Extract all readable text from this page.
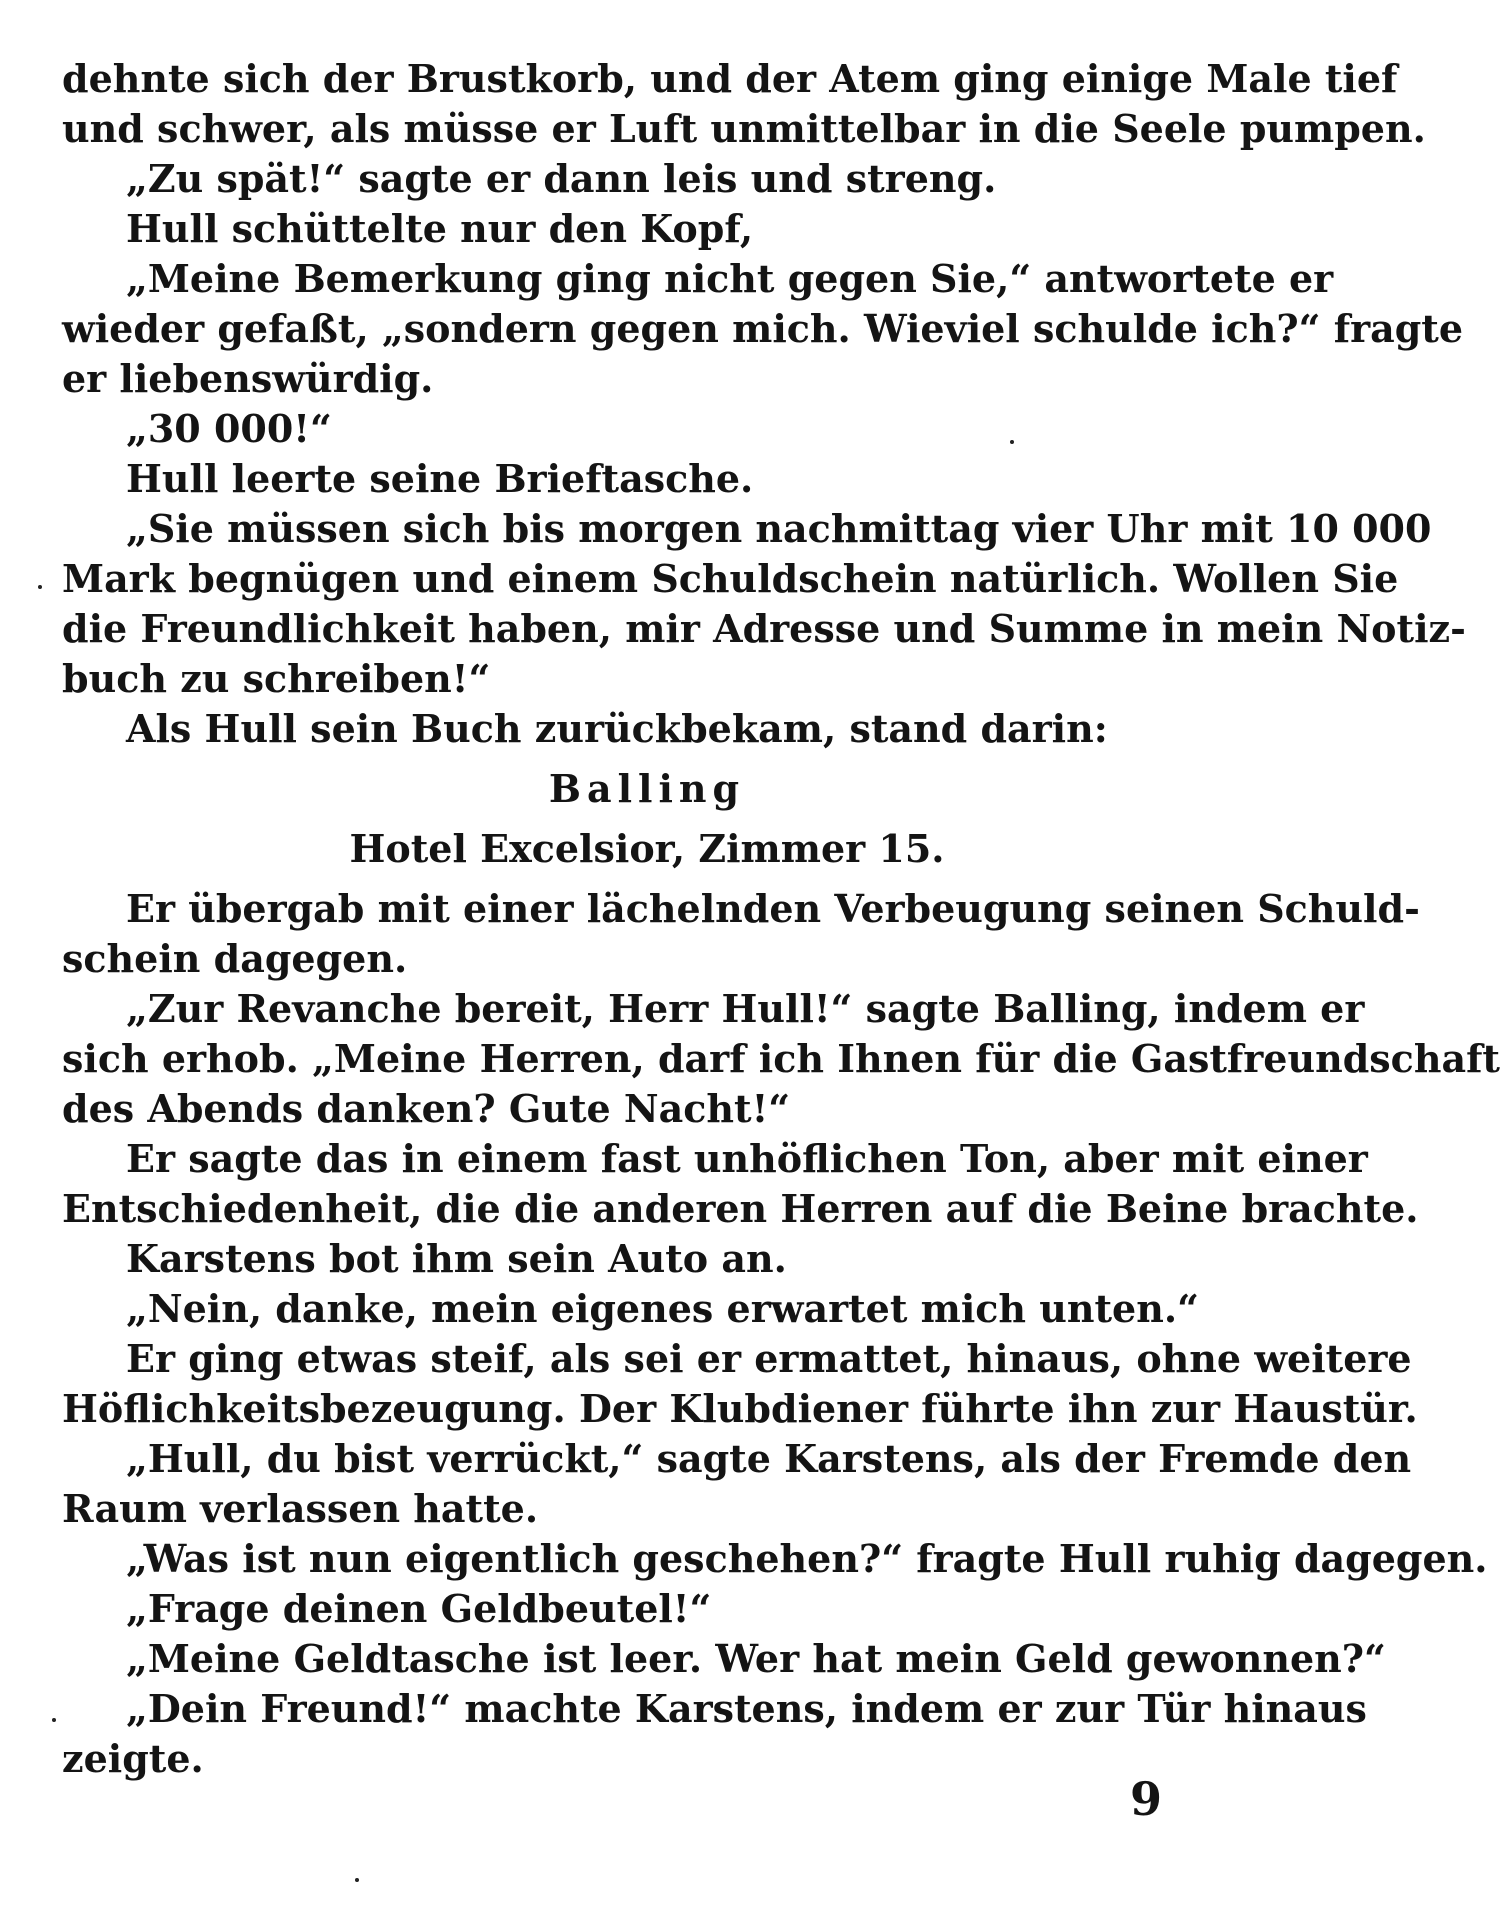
dehnte sich der Brustkorb, und der Atem ging einige Male tief
und schwer, als müsse er Luft unmittelbar in die Seele pumpen.
„Zu spät!“ sagte er dann leis und streng.
Hull schüttelte nur den Kopf,
„Meine Bemerkung ging nicht gegen Sie,“ antwortete er
wieder gefaßt, „sondern gegen mich. Wieviel schulde ich?“ fragte
er liebenswürdig.
„30 000!“
Hull leerte seine Brieftasche.
„Sie müssen sich bis morgen nachmittag vier Uhr mit 10 000
Mark begnügen und einem Schuldschein natürlich. Wollen Sie
die Freundlichkeit haben, mir Adresse und Summe in mein Notiz-
buch zu schreiben!“
Als Hull sein Buch zurückbekam, stand darin:
Balling
Hotel Excelsior, Zimmer 15.
Er übergab mit einer lächelnden Verbeugung seinen Schuld-
schein dagegen.
„Zur Revanche bereit, Herr Hull!“ sagte Balling, indem er
sich erhob. „Meine Herren, darf ich Ihnen für die Gastfreundschaft
des Abends danken? Gute Nacht!“
Er sagte das in einem fast unhöflichen Ton, aber mit einer
Entschiedenheit, die die anderen Herren auf die Beine brachte.
Karstens bot ihm sein Auto an.
„Nein, danke, mein eigenes erwartet mich unten.“
Er ging etwas steif, als sei er ermattet, hinaus, ohne weitere
Höflichkeitsbezeugung. Der Klubdiener führte ihn zur Haustür.
„Hull, du bist verrückt,“ sagte Karstens, als der Fremde den
Raum verlassen hatte.
„Was ist nun eigentlich geschehen?“ fragte Hull ruhig dagegen.
„Frage deinen Geldbeutel!“
„Meine Geldtasche ist leer. Wer hat mein Geld gewonnen?“
„Dein Freund!“ machte Karstens, indem er zur Tür hinaus
zeigte.
9
